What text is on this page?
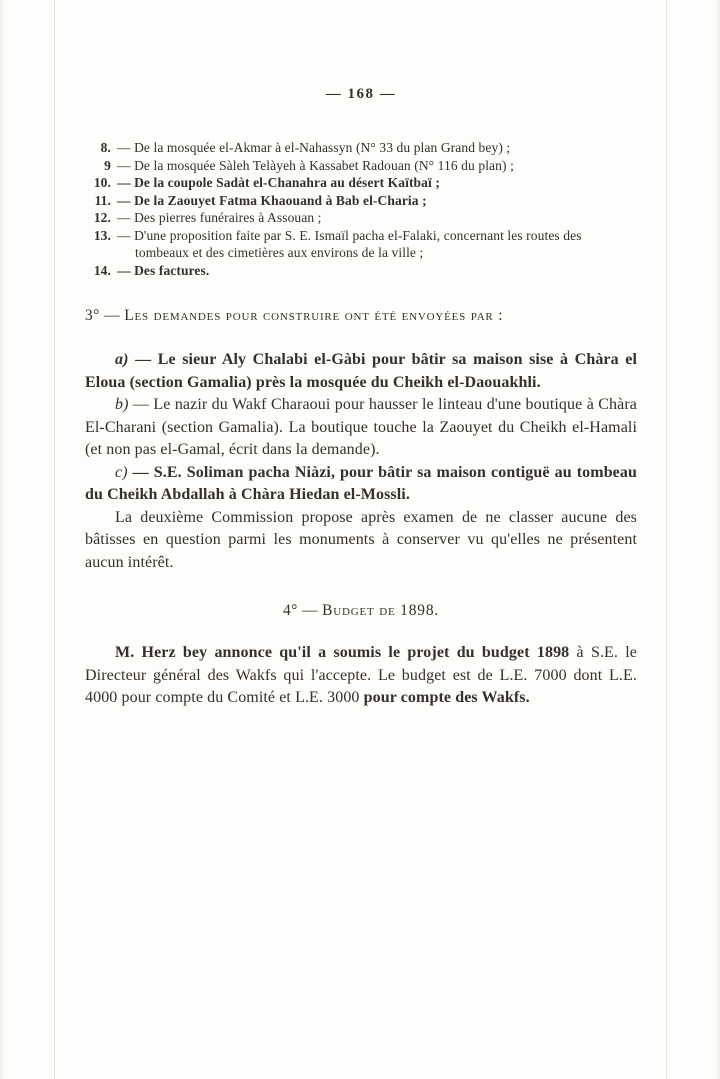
— 168 —
8. — De la mosquée el-Akmar à el-Nahassyn (N° 33 du plan Grand bey) ;
9 — De la mosquée Sàleh Telàyeh à Kassabet Radouan (N° 116 du plan) ;
10. — De la coupole Sadàt el-Chanahra au désert Kaïtbaï ;
11. — De la Zaouyet Fatma Khaouand à Bab el-Charia ;
12. — Des pierres funéraires à Assouan ;
13. — D'une proposition faite par S. E. Ismaïl pacha el-Falaki, concernant les routes des tombeaux et des cimetières aux environs de la ville ;
14. — Des factures.
3° — Les demandes pour construire ont été envoyées par :

a) — Le sieur Aly Chalabi el-Gàbi pour bâtir sa maison sise à Chàra el Eloua (section Gamalia) près la mosquée du Cheikh el-Daouakhli.

b) — Le nazir du Wakf Charaoui pour hausser le linteau d'une boutique à Chàra El-Charani (section Gamalia). La boutique touche la Zaouyet du Cheikh el-Hamali (et non pas el-Gamal, écrit dans la demande).

c) — S.E. Soliman pacha Niàzi, pour bâtir sa maison contiguë au tombeau du Cheikh Abdallah à Chàra Hiedan el-Mossli.

La deuxième Commission propose après examen de ne classer aucune des bâtisses en question parmi les monuments à conserver vu qu'elles ne présentent aucun intérêt.

4° — Budget de 1898.

M. Herz bey annonce qu'il a soumis le projet du budget 1898 à S.E. le Directeur général des Wakfs qui l'accepte. Le budget est de L.E. 7000 dont L.E. 4000 pour compte du Comité et L.E. 3000 pour compte des Wakfs.
